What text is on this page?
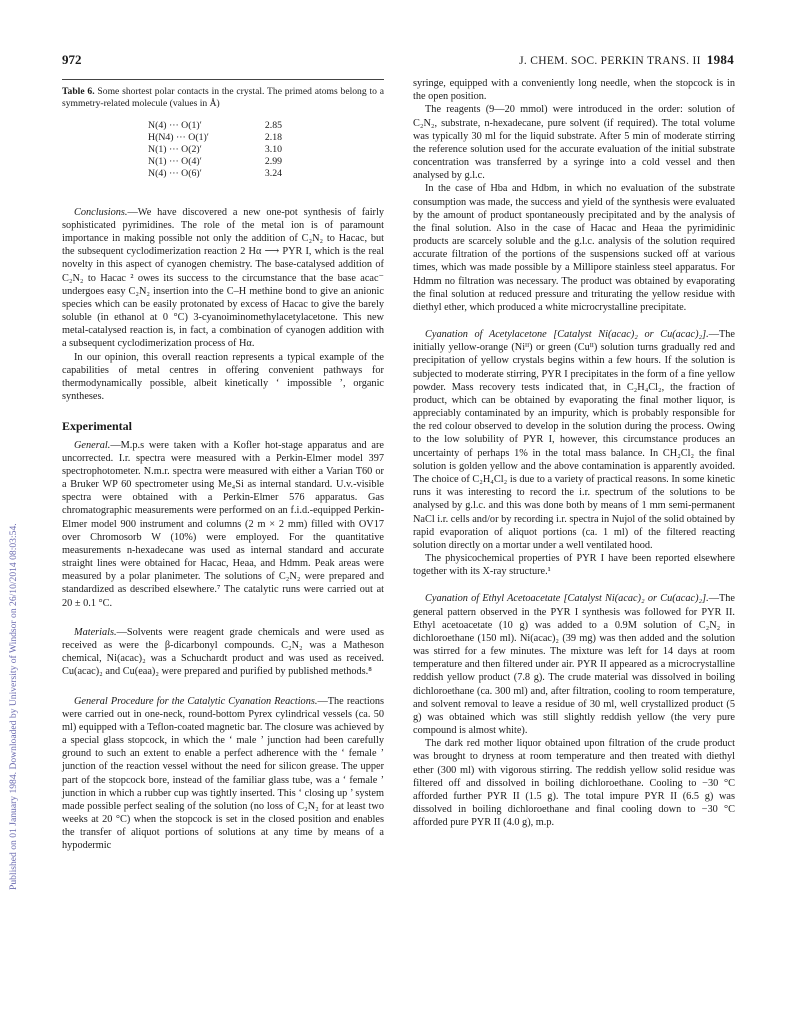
972	J. CHEM. SOC. PERKIN TRANS. II 1984
Published on 01 January 1984. Downloaded by University of Windsor on 26/10/2014 08:03:54.

Table 6. Some shortest polar contacts in the crystal. The primed atoms belong to a symmetry-related molecule (values in Å)

N(4) ··· O(1)′	2.85
H(N4) ··· O(1)′	2.18
N(1) ··· O(2)′	3.10
N(1) ··· O(4)′	2.99
N(4) ··· O(6)′	3.24

Conclusions.—We have discovered a new one-pot synthesis of fairly sophisticated pyrimidines. The role of the metal ion is of paramount importance in making possible not only the addition of C₂N₂ to Hacac, but the subsequent cyclodimerization reaction 2 Hα ⟶ PYR I, which is the real novelty in this aspect of cyanogen chemistry. The base-catalysed addition of C₂N₂ to Hacac ² owes its success to the circumstance that the base acac⁻ undergoes easy C₂N₂ insertion into the C–H methine bond to give an anionic species which can be easily protonated by excess of Hacac to give the barely soluble (in ethanol at 0 °C) 3-cyanoiminomethylacetylacetone. This new metal-catalysed reaction is, in fact, a combination of cyanogen addition with a subsequent cyclodimerization process of Hα.

In our opinion, this overall reaction represents a typical example of the capabilities of metal centres in offering convenient pathways for thermodynamically possible, albeit kinetically ‘ impossible ’, organic syntheses.

Experimental

General.—M.p.s were taken with a Kofler hot-stage apparatus and are uncorrected. I.r. spectra were measured with a Perkin-Elmer model 397 spectrophotometer. N.m.r. spectra were measured with either a Varian T60 or a Bruker WP 60 spectrometer using Me₄Si as internal standard. U.v.-visible spectra were obtained with a Perkin-Elmer 576 apparatus. Gas chromatographic measurements were performed on an f.i.d.-equipped Perkin-Elmer model 900 instrument and columns (2 m × 2 mm) filled with OV17 over Chromosorb W (10%) were employed. For the quantitative measurements n-hexadecane was used as internal standard and accurate straight lines were obtained for Hacac, Heaa, and Hdmm. Peak areas were measured by a polar planimeter. The solutions of C₂N₂ were prepared and standardized as described elsewhere.⁷ The catalytic runs were carried out at 20 ± 0.1 °C.

Materials.—Solvents were reagent grade chemicals and were used as received as were the β-dicarbonyl compounds. C₂N₂ was a Matheson chemical, Ni(acac)₂ was a Schuchardt product and was used as received. Cu(acac)₂ and Cu(eaa)₂ were prepared and purified by published methods.⁸

General Procedure for the Catalytic Cyanation Reactions.—The reactions were carried out in one-neck, round-bottom Pyrex cylindrical vessels (ca. 50 ml) equipped with a Teflon-coated magnetic bar. The closure was achieved by a special glass stopcock, in which the ‘ male ’ junction had been carefully ground to such an extent to enable a perfect adherence with the ‘ female ’ junction of the reaction vessel without the need for silicon grease. The upper part of the stopcock bore, instead of the familiar glass tube, was a ‘ female ’ junction in which a rubber cup was tightly inserted. This ‘ closing up ’ system made possible perfect sealing of the solution (no loss of C₂N₂ for at least two weeks at 20 °C) when the stopcock is set in the closed position and enables the transfer of aliquot portions of solutions at any time by means of a hypodermic

syringe, equipped with a conveniently long needle, when the stopcock is in the open position.

The reagents (9—20 mmol) were introduced in the order: solution of C₂N₂, substrate, n-hexadecane, pure solvent (if required). The total volume was typically 30 ml for the liquid substrate. After 5 min of moderate stirring the reference solution used for the accurate evaluation of the initial substrate concentration was transferred by a syringe into a cold vessel and then analysed by g.l.c.

In the case of Hba and Hdbm, in which no evaluation of the substrate consumption was made, the success and yield of the synthesis were evaluated by the amount of product spontaneously precipitated and by the analysis of the final solution. Also in the case of Hacac and Heaa the pyrimidinic products are scarcely soluble and the g.l.c. analysis of the solution required accurate filtration of the portions of the suspensions sucked off at various times, which was made possible by a Millipore stainless steel apparatus. For Hdmm no filtration was necessary. The product was obtained by evaporating the final solution at reduced pressure and triturating the yellow residue with diethyl ether, which produced a white microcrystalline precipitate.

Cyanation of Acetylacetone [Catalyst Ni(acac)₂ or Cu(acac)₂].—The initially yellow-orange (Niᴵᴵ) or green (Cuᴵᴵ) solution turns gradually red and precipitation of yellow crystals begins within a few hours. If the solution is subjected to moderate stirring, PYR I precipitates in the form of a fine yellow powder. Mass recovery tests indicated that, in C₂H₄Cl₂, the fraction of product, which can be obtained by evaporating the final mother liquor, is appreciably contaminated by an impurity, which is probably responsible for the red colour observed to develop in the solution during the process. Owing to the low solubility of PYR I, however, this circumstance produces an uncertainty of perhaps 1% in the total mass balance. In CH₂Cl₂ the final solution is golden yellow and the above contamination is apparently avoided. The choice of C₂H₄Cl₂ is due to a variety of practical reasons. In some kinetic runs it was interesting to record the i.r. spectrum of the solutions to be analysed by g.l.c. and this was done both by means of 1 mm semi-permanent NaCl i.r. cells and/or by recording i.r. spectra in Nujol of the solid obtained by rapid evaporation of aliquot portions (ca. 1 ml) of the filtered reacting solution directly on a mortar under a well ventilated hood.

The physicochemical properties of PYR I have been reported elsewhere together with its X-ray structure.¹

Cyanation of Ethyl Acetoacetate [Catalyst Ni(acac)₂ or Cu(acac)₂].—The general pattern observed in the PYR I synthesis was followed for PYR II. Ethyl acetoacetate (10 g) was added to a 0.9M solution of C₂N₂ in dichloroethane (150 ml). Ni(acac)₂ (39 mg) was then added and the solution was stirred for a few minutes. The mixture was left for 14 days at room temperature and then filtered under air. PYR II appeared as a microcrystalline reddish yellow product (7.8 g). The crude material was dissolved in boiling dichloroethane (ca. 300 ml) and, after filtration, cooling to room temperature, and solvent removal to leave a residue of 30 ml, well crystallized product (5 g) was obtained which was still slightly reddish yellow (the very pure compound is almost white).

The dark red mother liquor obtained upon filtration of the crude product was brought to dryness at room temperature and then treated with diethyl ether (300 ml) with vigorous stirring. The reddish yellow solid residue was filtered off and dissolved in boiling dichloroethane. Cooling to −30 °C afforded further PYR II (1.5 g). The total impure PYR II (6.5 g) was dissolved in boiling dichloroethane and final cooling down to −30 °C afforded pure PYR II (4.0 g), m.p.
